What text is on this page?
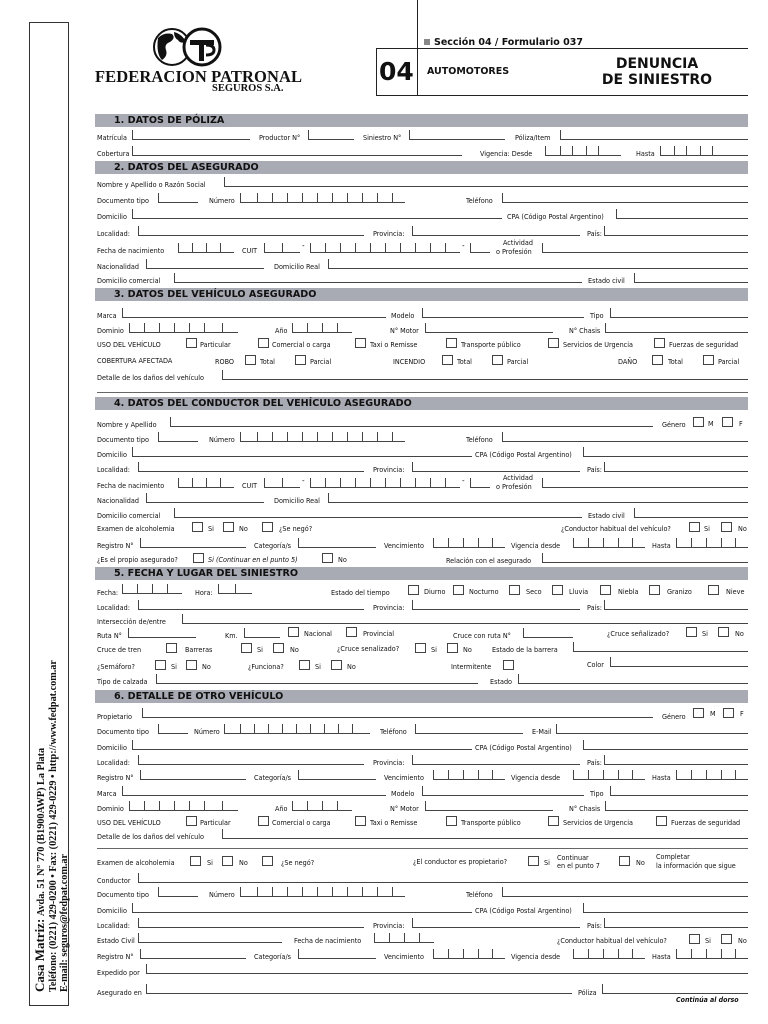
Casa Matriz: Avda. 51 N° 770 (B1900AWP) La Plata Teléfono: (0221) 429-0200 • Fax: (0221) 429-0229 • http://www.fedpat.com.ar E-mail: seguros@fedpat.com.ar
FEDERACION PATRONAL
SEGUROS S.A.
Sección 04 / Formulario 037
04 AUTOMOTORES	DENUNCIA
DE SINIESTRO
1. DATOS DE PÓLIZA
2. DATOS DEL ASEGURADO
3. DATOS DEL VEHÍCULO ASEGURADO
4. DATOS DEL CONDUCTOR DEL VEHÍCULO ASEGURADO
5. FECHA Y LUGAR DEL SINIESTRO
6. DETALLE DE OTRO VEHÍCULO
Matrícula	Productor N°	Siniestro N°	Póliza/Item
Cobertura	Vigencia: Desde	Hasta
Nombre y Apellido o Razón Social
Documento tipo	Número	Teléfono
Domicilio	CPA (Código Postal Argentino)
Localidad:	Provincia:	País:
Fecha de nacimiento	CUIT
-	-	Actividad
o Profesión
Nacionalidad	Domicilio Real
Domicilio comercial	Estado civil
Marca	Modelo	Tipo
Dominio	Año	N° Motor	N° Chasis
USO DEL VEHÍCULO	Particular	Comercial o carga	Taxi o Remisse	Transporte público	Servicios de Urgencia	Fuerzas de seguridad
COBERTURA AFECTADA	ROBO	Total	Parcial	INCENDIO	Total	Parcial	DAÑO	Total	Parcial
Detalle de los daños del vehículo
Nombre y Apellido	Género	M	F
Documento tipo	Número	Teléfono
Domicilio	CPA (Código Postal Argentino)
Localidad:	Provincia:	País:
Fecha de nacimiento	CUIT
-	-	Actividad
o Profesión
Nacionalidad	Domicilio Real
Domicilio comercial	Estado civil
Examen de alcoholemia	Si	No	¿Se negó?	¿Conductor habitual del vehículo?	Si	No
Registro N°	Categoría/s	Vencimiento	Vigencia desde	Hasta
¿Es el propio asegurado?	Si (Continuar en el punto 5)	No	Relación con el asegurado
Fecha:	Hora:	Estado del tiempo	Diurno	Nocturno	Seco	Lluvia	Niebla	Granizo	Nieve
Localidad:	Provincia:	País:
Intersección de/entre
Ruta N°	Km.	Nacional	Provincial	Cruce con ruta N°	¿Cruce señalizado?	Si	No
Cruce de tren	Barreras	Si	No	¿Cruce senalizado?	Si	No	Estado de la barrera
¿Semáforo?	Si	No	¿Funciona?	Si	No	Intermitente	Color
Tipo de calzada	Estado
Propietario	Género	M	F
Documento tipo	Número	Teléfono	E-Mail
Domicilio	CPA (Código Postal Argentino)
Localidad:	Provincia:	País:
Registro N°	Categoría/s	Vencimiento	Vigencia desde	Hasta
Marca	Modelo	Tipo
Dominio	Año	N° Motor	N° Chasis
USO DEL VEHÍCULO	Particular	Comercial o carga	Taxi o Remisse	Transporte público	Servicios de Urgencia	Fuerzas de seguridad
Detalle de los daños del vehículo
Examen de alcoholemia	Si	No	¿Se negó?	¿El conductor es propietario?	Si
Continuar
en el punto 7	No
Completar
la información que sigue
Conductor
Documento tipo	Número	Teléfono
Domicilio	CPA (Código Postal Argentino)
Localidad:	Provincia:	País:
Estado Civil	Fecha de nacimiento	¿Conductor habitual del vehículo?	Si	No
Registro N°	Categoría/s	Vencimiento	Vigencia desde	Hasta
Expedido por
Asegurado en	Póliza
Continúa al dorso
